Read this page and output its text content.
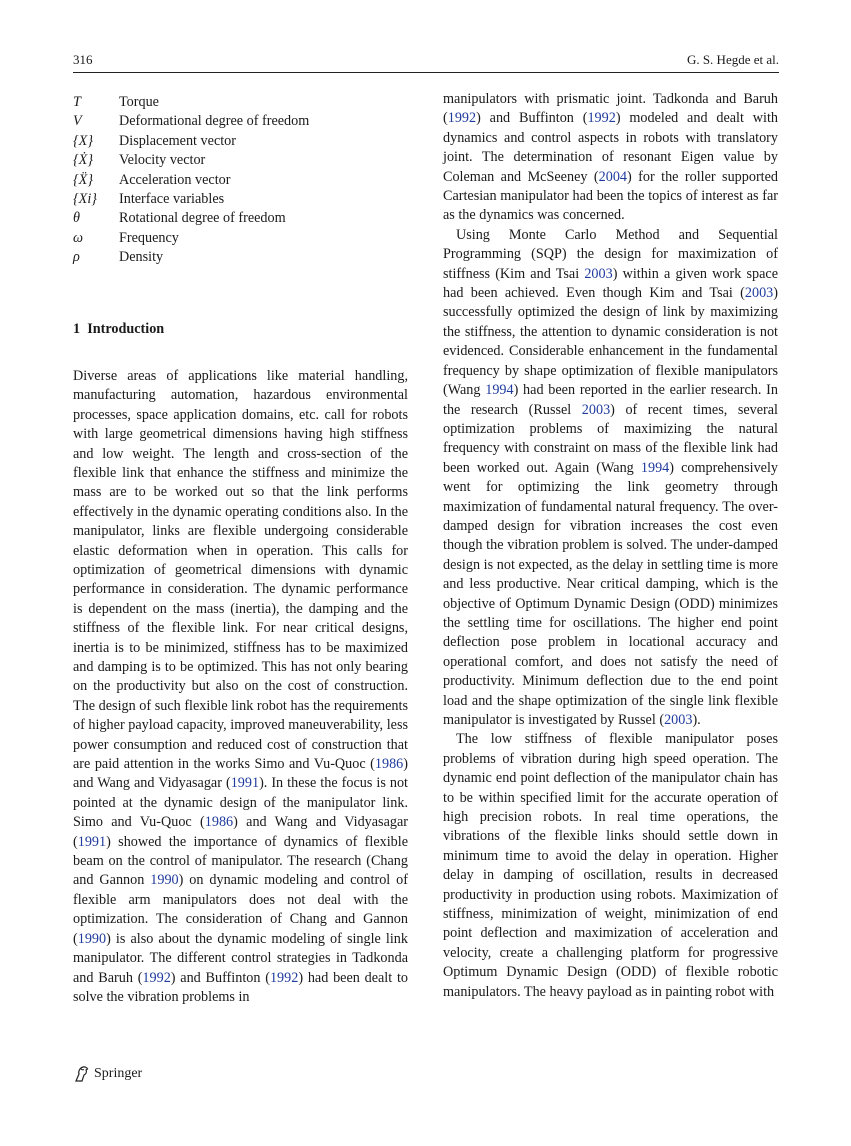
316	G. S. Hegde et al.
T	Torque
V	Deformational degree of freedom
{X}	Displacement vector
{Ẋ}	Velocity vector
{Ẍ}	Acceleration vector
{Xi}	Interface variables
θ	Rotational degree of freedom
ω	Frequency
ρ	Density
1 Introduction

Diverse areas of applications like material handling, manufacturing automation, hazardous environmental processes, space application domains, etc. call for robots with large geometrical dimensions having high stiffness and low weight. The length and cross-section of the flexible link that enhance the stiffness and minimize the mass are to be worked out so that the link performs effectively in the dynamic operating conditions also. In the manipulator, links are flexible undergoing considerable elastic deformation when in operation. This calls for optimization of geometrical dimensions with dynamic performance in consideration. The dynamic performance is dependent on the mass (inertia), the damping and the stiffness of the flexible link. For near critical designs, inertia is to be minimized, stiffness has to be maximized and damping is to be optimized. This has not only bearing on the productivity but also on the cost of construction. The design of such flexible link robot has the requirements of higher payload capacity, improved maneuverability, less power consumption and reduced cost of construction that are paid attention in the works Simo and Vu-Quoc (1986) and Wang and Vidyasagar (1991). In these the focus is not pointed at the dynamic design of the manipulator link. Simo and Vu-Quoc (1986) and Wang and Vidyasagar (1991) showed the importance of dynamics of flexible beam on the control of manipulator. The research (Chang and Gannon 1990) on dynamic modeling and control of flexible arm manipulators does not deal with the optimization. The consideration of Chang and Gannon (1990) is also about the dynamic modeling of single link manipulator. The different control strategies in Tadkonda and Baruh (1992) and Buffinton (1992) had been dealt to solve the vibration problems in

manipulators with prismatic joint. Tadkonda and Baruh (1992) and Buffinton (1992) modeled and dealt with dynamics and control aspects in robots with translatory joint. The determination of resonant Eigen value by Coleman and McSeeney (2004) for the roller supported Cartesian manipulator had been the topics of interest as far as the dynamics was concerned.

Using Monte Carlo Method and Sequential Programming (SQP) the design for maximization of stiffness (Kim and Tsai 2003) within a given work space had been achieved. Even though Kim and Tsai (2003) successfully optimized the design of link by maximizing the stiffness, the attention to dynamic consideration is not evidenced. Considerable enhancement in the fundamental frequency by shape optimization of flexible manipulators (Wang 1994) had been reported in the earlier research. In the research (Russel 2003) of recent times, several optimization problems of maximizing the natural frequency with constraint on mass of the flexible link had been worked out. Again (Wang 1994) comprehensively went for optimizing the link geometry through maximization of fundamental natural frequency. The over-damped design for vibration increases the cost even though the vibration problem is solved. The under-damped design is not expected, as the delay in settling time is more and less productive. Near critical damping, which is the objective of Optimum Dynamic Design (ODD) minimizes the settling time for oscillations. The higher end point deflection pose problem in locational accuracy and operational comfort, and does not satisfy the need of productivity. Minimum deflection due to the end point load and the shape optimization of the single link flexible manipulator is investigated by Russel (2003).

The low stiffness of flexible manipulator poses problems of vibration during high speed operation. The dynamic end point deflection of the manipulator chain has to be within specified limit for the accurate operation of high precision robots. In real time operations, the vibrations of the flexible links should settle down in minimum time to avoid the delay in operation. Higher delay in damping of oscillation, results in decreased productivity in production using robots. Maximization of stiffness, minimization of weight, minimization of end point deflection and maximization of acceleration and velocity, create a challenging platform for progressive Optimum Dynamic Design (ODD) of flexible robotic manipulators. The heavy payload as in painting robot with

Springer
